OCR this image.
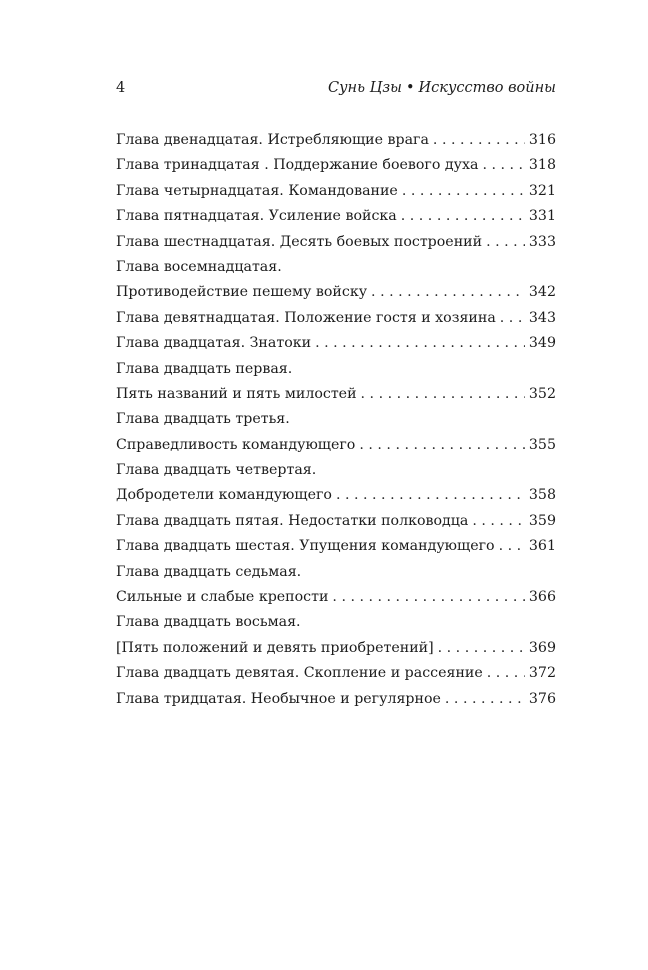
4	Сунь Цзы • Искусство войны
Глава двенадцатая. Истребляющие врага . . .	316
Глава тринадцатая . Поддержание боевого духа . . .	318
Глава четырнадцатая. Командование . . .	321
Глава пятнадцатая. Усиление войска . . .	331
Глава шестнадцатая. Десять боевых построений . . .	333
Глава восемнадцатая.
Противодействие пешему войску . . .	342
Глава девятнадцатая. Положение гостя и хозяина . . . 343
Глава двадцатая. Знатоки . . .	349
Глава двадцать первая.
Пять названий и пять милостей . . .	352
Глава двадцать третья.
Справедливость командующего . . .	355
Глава двадцать четвертая.
Добродетели командующего . . .	358
Глава двадцать пятая. Недостатки полководца . . .	359
Глава двадцать шестая. Упущения командующего . . . 361
Глава двадцать седьмая.
Сильные и слабые крепости . . .	366
Глава двадцать восьмая.
[Пять положений и девять приобретений] . . .	369
Глава двадцать девятая. Скопление и рассеяние . . .	372
Глава тридцатая. Необычное и регулярное . . .	376
